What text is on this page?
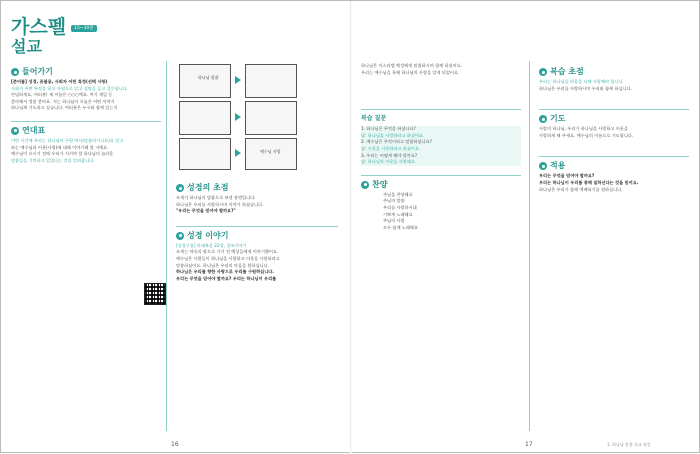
가스펠 15~30분
설교
들어가기
[준비물] 성경, 쥬볼용, 사회자 어린 특정(선택 사항)
사회자 어떤 특정을 하고 자원으로 알고 설명을 들고 질문합니다.
안녕하세요, 여러분! 제 이름은 ○○○예요. 여기 제일 동
좋아해서 정말 좋아요. 저는 하나님이 오늘은 어떤 이야기
하나님께 기도하고 싶습니다. 여러분은 누구와 함께 있는지
연대표
이번 시간에 우리는 하나님의 구원 역사(말씀하시나요)를 알고
하는 예수님과 이웃(사랑)에 대해 이야기해 볼 거예요.
예수님이 오시기 전에 우리가 지키야 할 하나님의 놀라운
말씀들을 기억하고 있었다는 것을 알려줍니다.
하나님 말씀
예수님 사랑
성경의 초점
모세가 하나님의 말씀으로 보낸 장면입니다.
하나님은 우리를 사랑하시며 이야기 하셨습니다.
"우리는 무엇을 믿어야 할까요?"
성경 이야기
[성경구절] 마태복음 22장, 창조이야기
모세는 약속의 땅으로 가기 전 백성들에게 이야기했어요.
예수님은 사람들이 하나님을 사랑하고 이웃을 사랑하라고
말씀하셨어요. 하나님은 우리의 마음을 원하십니다.
하나님은 우리를 향한 사랑으로 우리를 구원하십니다.
우리는 무엇을 믿어야 할까요? 우리는 하나님이 우리를
하나님은 이스라엘 백성에게 말씀하시며 함께 하셨어요.
우리는 예수님을 통해 하나님의 사랑을 알게 되었어요.
복습 질문
1. 하나님은 무엇을 하셨나요?
답: 하나님을 사랑하라고 하셨어요.
2. 예수님은 무엇이라고 말씀하셨나요?
답: 이웃을 사랑하라고 하셨어요.
3. 우리는 어떻게 해야 할까요?
답: 하나님과 이웃을 사랑해요.
찬양
주님을 찬양해요
주님의 말씀
우리를 사랑하시네
기쁘게 노래해요
주님의 사랑
모두 함께 노래해요
복습 초점
우리는 하나님을 마음을 다해 사랑해야 합니다.
하나님은 우리를 사랑하시며 우리와 함께 하십니다.
기도
사랑의 하나님, 우리가 하나님을 사랑하고 이웃을
사랑하게 해 주세요. 예수님의 이름으로 기도합니다.
적용
우리는 무엇을 믿어야 할까요?
우리는 하나님이 우리를 통해 일하신다는 것을 믿어요.
하나님은 우리가 함께 예배하기를 원하십니다.
16	17	1. 하나님 말씀 설교 영상
